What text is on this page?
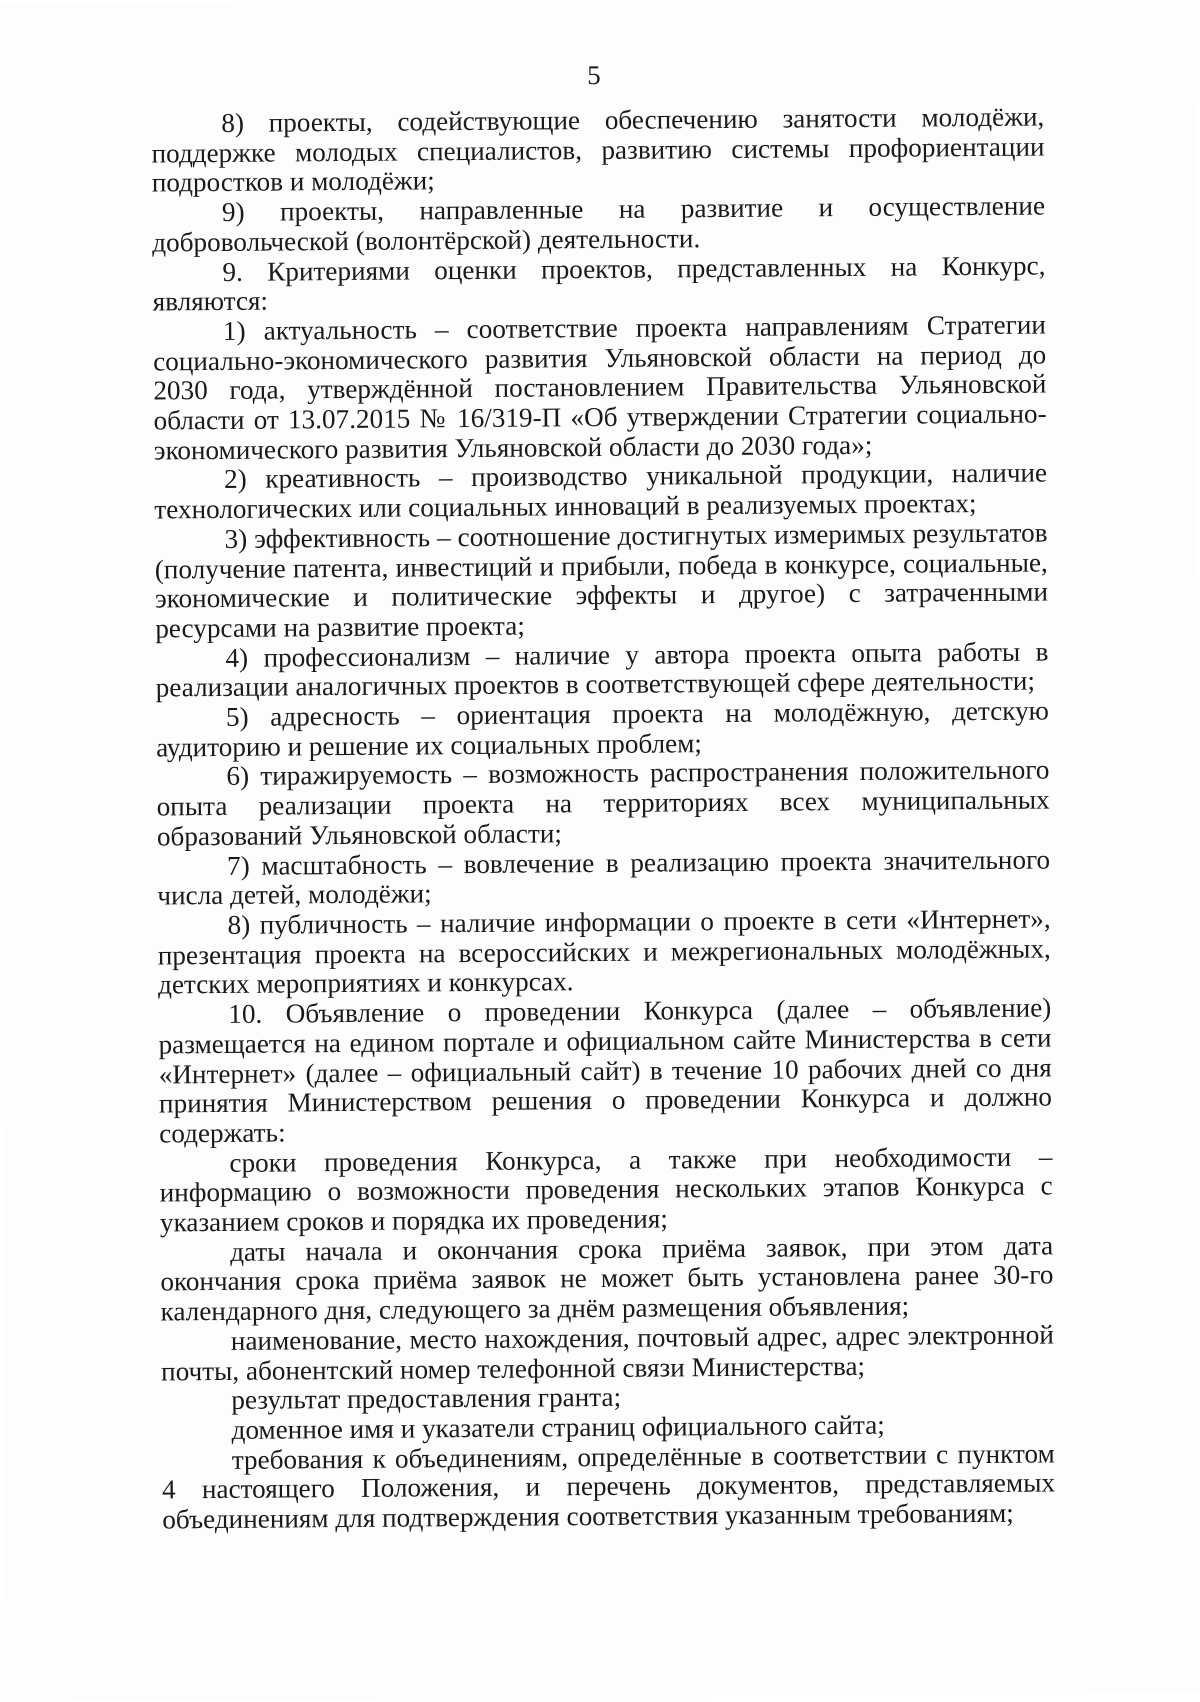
5

8) проекты, содействующие обеспечению занятости молодёжи, поддержке молодых специалистов, развитию системы профориентации подростков и молодёжи;

9) проекты, направленные на развитие и осуществление добровольческой (волонтёрской) деятельности.

9. Критериями оценки проектов, представленных на Конкурс, являются:

1) актуальность – соответствие проекта направлениям Стратегии социально-экономического развития Ульяновской области на период до 2030 года, утверждённой постановлением Правительства Ульяновской области от 13.07.2015 № 16/319-П «Об утверждении Стратегии социально-экономического развития Ульяновской области до 2030 года»;

2) креативность – производство уникальной продукции, наличие технологических или социальных инноваций в реализуемых проектах;

3) эффективность – соотношение достигнутых измеримых результатов (получение патента, инвестиций и прибыли, победа в конкурсе, социальные, экономические и политические эффекты и другое) с затраченными ресурсами на развитие проекта;

4) профессионализм – наличие у автора проекта опыта работы в реализации аналогичных проектов в соответствующей сфере деятельности;

5) адресность – ориентация проекта на молодёжную, детскую аудиторию и решение их социальных проблем;

6) тиражируемость – возможность распространения положительного опыта реализации проекта на территориях всех муниципальных образований Ульяновской области;

7) масштабность – вовлечение в реализацию проекта значительного числа детей, молодёжи;

8) публичность – наличие информации о проекте в сети «Интернет», презентация проекта на всероссийских и межрегиональных молодёжных, детских мероприятиях и конкурсах.

10. Объявление о проведении Конкурса (далее – объявление) размещается на едином портале и официальном сайте Министерства в сети «Интернет» (далее – официальный сайт) в течение 10 рабочих дней со дня принятия Министерством решения о проведении Конкурса и должно содержать:

сроки проведения Конкурса, а также при необходимости – информацию о возможности проведения нескольких этапов Конкурса с указанием сроков и порядка их проведения;

даты начала и окончания срока приёма заявок, при этом дата окончания срока приёма заявок не может быть установлена ранее 30-го календарного дня, следующего за днём размещения объявления;

наименование, место нахождения, почтовый адрес, адрес электронной почты, абонентский номер телефонной связи Министерства;

результат предоставления гранта;

доменное имя и указатели страниц официального сайта;

требования к объединениям, определённые в соответствии с пунктом 4 настоящего Положения, и перечень документов, представляемых объединениям для подтверждения соответствия указанным требованиям;
